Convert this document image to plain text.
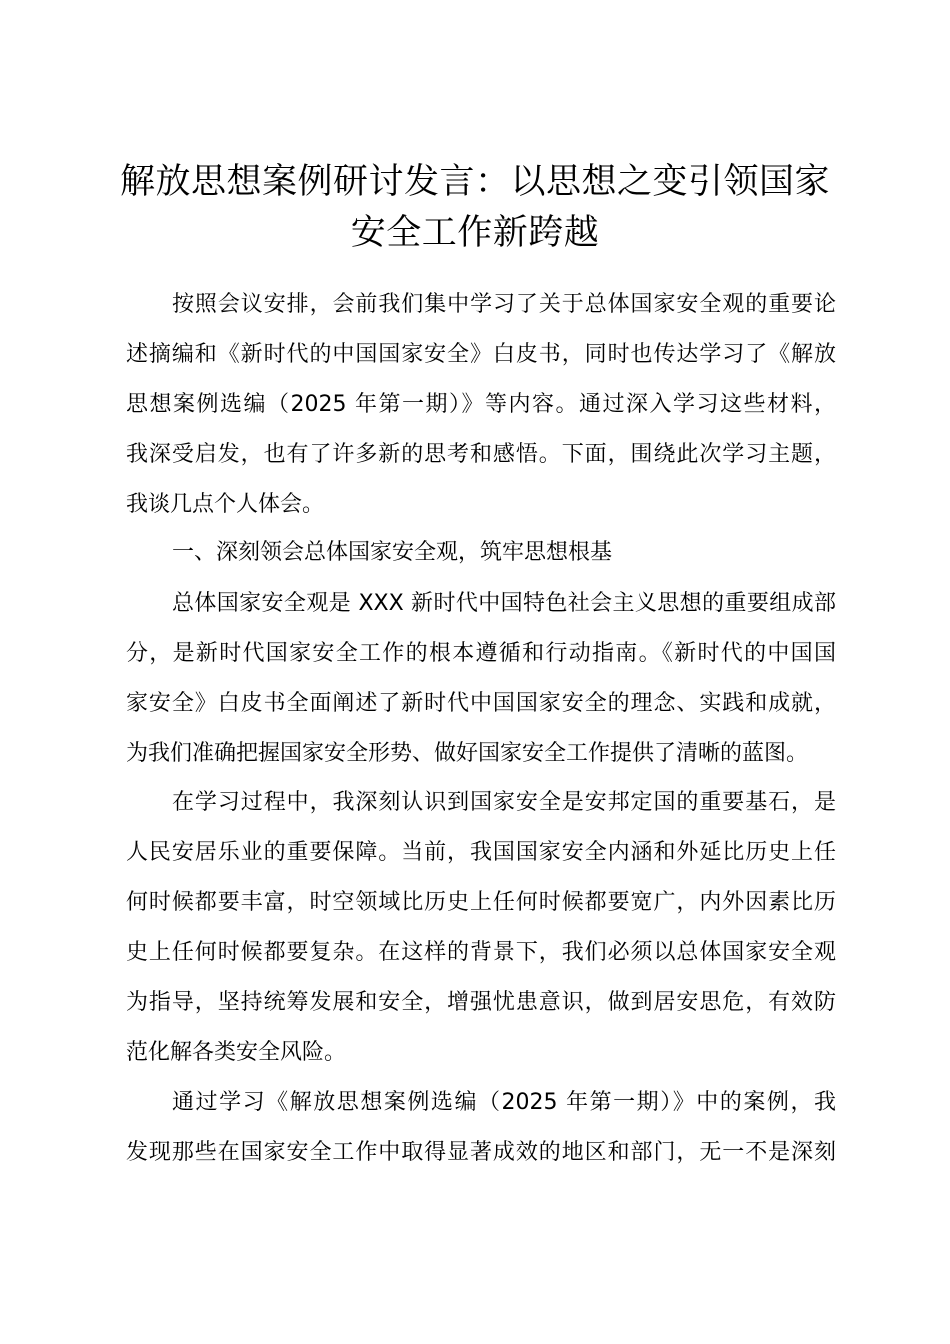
解放思想案例研讨发言：以思想之变引领国家
安全工作新跨越

按照会议安排，会前我们集中学习了关于总体国家安全观的重要论

述摘编和《新时代的中国国家安全》白皮书，同时也传达学习了《解放

思想案例选编（2025 年第一期）》等内容。通过深入学习这些材料，

我深受启发，也有了许多新的思考和感悟。下面，围绕此次学习主题，

我谈几点个人体会。

一、深刻领会总体国家安全观，筑牢思想根基

总体国家安全观是 XXX 新时代中国特色社会主义思想的重要组成部

分，是新时代国家安全工作的根本遵循和行动指南。《新时代的中国国

家安全》白皮书全面阐述了新时代中国国家安全的理念、实践和成就，

为我们准确把握国家安全形势、做好国家安全工作提供了清晰的蓝图。

在学习过程中，我深刻认识到国家安全是安邦定国的重要基石，是

人民安居乐业的重要保障。当前，我国国家安全内涵和外延比历史上任

何时候都要丰富，时空领域比历史上任何时候都要宽广，内外因素比历

史上任何时候都要复杂。在这样的背景下，我们必须以总体国家安全观

为指导，坚持统筹发展和安全，增强忧患意识，做到居安思危，有效防

范化解各类安全风险。

通过学习《解放思想案例选编（2025 年第一期）》中的案例，我

发现那些在国家安全工作中取得显著成效的地区和部门，无一不是深刻
